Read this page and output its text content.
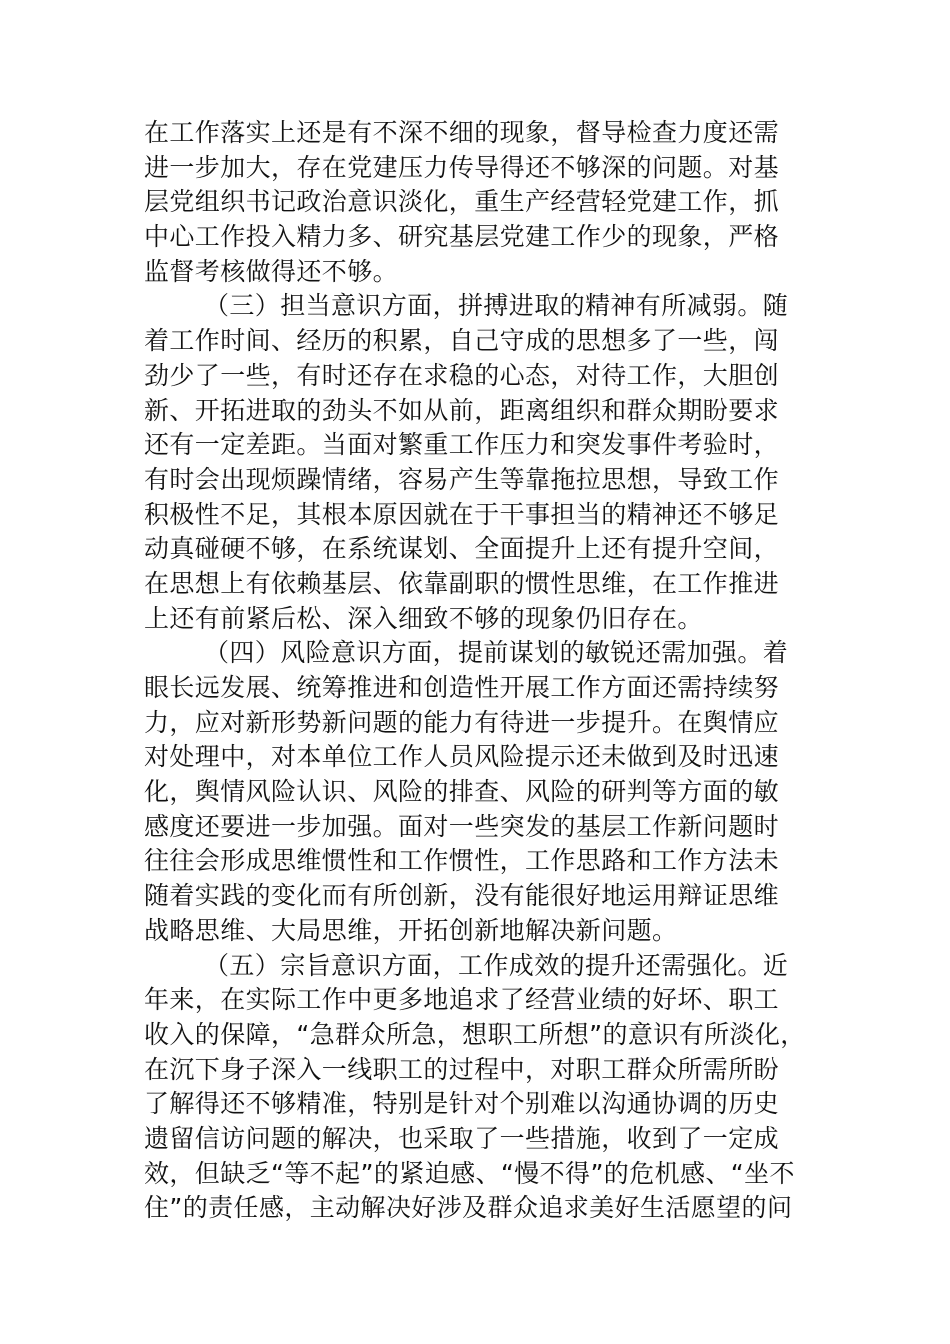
在工作落实上还是有不深不细的现象，督导检查力度还需
进一步加大，存在党建压力传导得还不够深的问题。对基
层党组织书记政治意识淡化，重生产经营轻党建工作，抓
中心工作投入精力多、研究基层党建工作少的现象，严格
监督考核做得还不够。
（三）担当意识方面，拼搏进取的精神有所减弱。随
着工作时间、经历的积累，自己守成的思想多了一些，闯
劲少了一些，有时还存在求稳的心态，对待工作，大胆创
新、开拓进取的劲头不如从前，距离组织和群众期盼要求
还有一定差距。当面对繁重工作压力和突发事件考验时，
有时会出现烦躁情绪，容易产生等靠拖拉思想，导致工作
积极性不足，其根本原因就在于干事担当的精神还不够足
动真碰硬不够，在系统谋划、全面提升上还有提升空间，
在思想上有依赖基层、依靠副职的惯性思维，在工作推进
上还有前紧后松、深入细致不够的现象仍旧存在。
（四）风险意识方面，提前谋划的敏锐还需加强。着
眼长远发展、统筹推进和创造性开展工作方面还需持续努
力，应对新形势新问题的能力有待进一步提升。在舆情应
对处理中，对本单位工作人员风险提示还未做到及时迅速
化，舆情风险认识、风险的排查、风险的研判等方面的敏
感度还要进一步加强。面对一些突发的基层工作新问题时
往往会形成思维惯性和工作惯性，工作思路和工作方法未
随着实践的变化而有所创新，没有能很好地运用辩证思维
战略思维、大局思维，开拓创新地解决新问题。
（五）宗旨意识方面，工作成效的提升还需强化。近
年来，在实际工作中更多地追求了经营业绩的好坏、职工
收入的保障，“急群众所急，想职工所想”的意识有所淡化，
在沉下身子深入一线职工的过程中，对职工群众所需所盼
了解得还不够精准，特别是针对个别难以沟通协调的历史
遗留信访问题的解决，也采取了一些措施，收到了一定成
效，但缺乏“等不起”的紧迫感、“慢不得”的危机感、“坐不
住”的责任感，主动解决好涉及群众追求美好生活愿望的问
